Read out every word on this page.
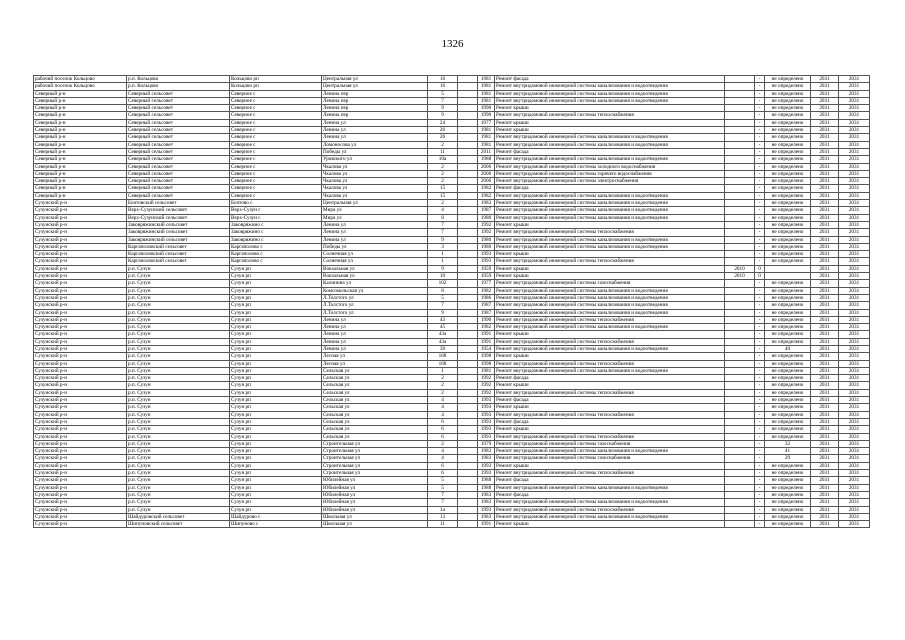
1326
рабочий поселок Кольцово	р.п. Кольцово	Кольцово рп	Центральная ул	16		1981	Ремонт фасада		-	не определено	2031	2031
рабочий поселок Кольцово	р.п. Кольцово	Кольцово рп	Центральная ул	16		1981	Ремонт внутридомовой инженерной системы канализования и водоотведения		-	не определено	2031	2031
Северный р-н	Северный сельсовет	Северное с	Ленина пер	5		1981	Ремонт внутридомовой инженерной системы канализования и водоотведения		-	не определено	2031	2031
Северный р-н	Северный сельсовет	Северное с	Ленина пер	7		1981	Ремонт внутридомовой инженерной системы канализования и водоотведения		-	не определено	2031	2031
Северный р-н	Северный сельсовет	Северное с	Ленина пер	9		1990	Ремонт крыши		-	не определено	2031	2031
Северный р-н	Северный сельсовет	Северное с	Ленина пер	9		1990	Ремонт внутридомовой инженерной системы теплоснабжения		-	не определено	2031	2031
Северный р-н	Северный сельсовет	Северное с	Ленина ул	24		1977	Ремонт крыши		-	не определено	2031	2031
Северный р-н	Северный сельсовет	Северное с	Ленина ул	26		1981	Ремонт крыши		-	не определено	2031	2031
Северный р-н	Северный сельсовет	Северное с	Ленина ул	26		1981	Ремонт внутридомовой инженерной системы канализования и водоотведения		-	не определено	2031	2031
Северный р-н	Северный сельсовет	Северное с	Ломоносова ул	2		1981	Ремонт внутридомовой инженерной системы канализования и водоотведения		-	не определено	2031	2031
Северный р-н	Северный сельсовет	Северное с	Победы ул	11		2011	Ремонт фасада		-	не определено	2031	2031
Северный р-н	Северный сельсовет	Северное с	Уровского ул	10а		1988	Ремонт внутридомовой инженерной системы канализования и водоотведения		-	не определено	2031	2031
Северный р-н	Северный сельсовет	Северное с	Чкалова ул	2		2006	Ремонт внутридомовой инженерной системы холодного водоснабжения		-	не определено	2031	2031
Северный р-н	Северный сельсовет	Северное с	Чкалова ул	2		2006	Ремонт внутридомовой инженерной системы горячего водоснабжения		-	не определено	2031	2031
Северный р-н	Северный сельсовет	Северное с	Чкалова ул	2		2006	Ремонт внутридомовой инженерной системы электроснабжения		-	не определено	2031	2031
Северный р-н	Северный сельсовет	Северное с	Чкалова ул	15		1982	Ремонт фасада		-	не определено	2031	2031
Северный р-н	Северный сельсовет	Северное с	Чкалова ул	15		1982	Ремонт внутридомовой инженерной системы канализования и водоотведения		-	не определено	2031	2031
Сузунский р-н	Бочтовский сельсовет	Бочтово с	Центральная ул	2		1983	Ремонт внутридомовой инженерной системы канализования и водоотведения		-	не определено	2031	2031
Сузунский р-н	Верх-Сузунский сельсовет	Верх-Сузун с	Мира ул	4		1987	Ремонт внутридомовой инженерной системы канализования и водоотведения		-	не определено	2031	2031
Сузунский р-н	Верх-Сузунский сельсовет	Верх-Сузун с	Мира ул	8		1980	Ремонт внутридомовой инженерной системы канализования и водоотведения		-	не определено	2031	2031
Сузунский р-н	Заковряжинский сельсовет	Заковряжино с	Ленина ул	7		1992	Ремонт крыши		-	не определено	2031	2031
Сузунский р-н	Заковряжинский сельсовет	Заковряжино с	Ленина ул	7		1992	Ремонт внутридомовой инженерной системы теплоснабжения		-	не определено	2031	2031
Сузунский р-н	Заковряжинский сельсовет	Заковряжино с	Ленина ул	9		1980	Ремонт внутридомовой инженерной системы канализования и водоотведения		-	не определено	2031	2031
Сузунский р-н	Каргаполовский сельсовет	Каргаполово с	Победы ул	3		1980	Ремонт внутридомовой инженерной системы канализования и водоотведения		-	не определено	2031	2031
Сузунский р-н	Каргаполовский сельсовет	Каргаполово с	Солнечная ул	1		1993	Ремонт крыши		-	не определено	2031	2031
Сузунский р-н	Каргаполовский сельсовет	Каргаполово с	Солнечная ул	1		1993	Ремонт внутридомовой инженерной системы теплоснабжения		-	не определено	2031	2031
Сузунский р-н	р.п. Сузун	Сузун рп	Вокзальная ул	9		1959	Ремонт крыши	2010	0		2031	2031
Сузунский р-н	р.п. Сузун	Сузун рп	Вокзальная ул	10		1959	Ремонт крыши	2010	0		2031	2031
Сузунский р-н	р.п. Сузун	Сузун рп	Калинина ул	102		1977	Ремонт внутридомовой инженерной системы газоснабжения		-	не определено	2031	2031
Сузунский р-н	р.п. Сузун	Сузун рп	Комсомольская ул	8		1982	Ремонт внутридомовой инженерной системы канализования и водоотведения		-	не определено	2031	2031
Сузунский р-н	р.п. Сузун	Сузун рп	Л.Толстого ул	5		1986	Ремонт внутридомовой инженерной системы канализования и водоотведения		-	не определено	2031	2031
Сузунский р-н	р.п. Сузун	Сузун рп	Л.Толстого ул	7		1987	Ремонт внутридомовой инженерной системы канализования и водоотведения		-	не определено	2031	2031
Сузунский р-н	р.п. Сузун	Сузун рп	Л.Толстого ул	9		1987	Ремонт внутридомовой инженерной системы канализования и водоотведения		-	не определено	2031	2031
Сузунский р-н	р.п. Сузун	Сузун рп	Ленина ул	43		1990	Ремонт внутридомовой инженерной системы теплоснабжения		-	не определено	2031	2031
Сузунский р-н	р.п. Сузун	Сузун рп	Ленина ул	45		1982	Ремонт внутридомовой инженерной системы канализования и водоотведения		-	не определено	2031	2031
Сузунский р-н	р.п. Сузун	Сузун рп	Ленина ул	43а		1991	Ремонт крыши		-	не определено	2031	2031
Сузунский р-н	р.п. Сузун	Сузун рп	Ленина ул	43а		1991	Ремонт внутридомовой инженерной системы теплоснабжения		-	не определено	2031	2031
Сузунский р-н	р.п. Сузун	Сузун рп	Ленина ул	39		1954	Ремонт внутридомовой инженерной системы канализования и водоотведения		-	40	2031	2031
Сузунский р-н	р.п. Сузун	Сузун рп	Лесная ул	168		1998	Ремонт крыши		-	не определено	2031	2031
Сузунский р-н	р.п. Сузун	Сузун рп	Лесная ул	168		1998	Ремонт внутридомовой инженерной системы теплоснабжения		-	не определено	2031	2031
Сузунский р-н	р.п. Сузун	Сузун рп	Сельская ул	1		1981	Ремонт внутридомовой инженерной системы канализования и водоотведения		-	не определено	2031	2031
Сузунский р-н	р.п. Сузун	Сузун рп	Сельская ул	2		1992	Ремонт фасада		-	не определено	2031	2031
Сузунский р-н	р.п. Сузун	Сузун рп	Сельская ул	2		1992	Ремонт крыши		-	не определено	2031	2031
Сузунский р-н	р.п. Сузун	Сузун рп	Сельская ул	2		1992	Ремонт внутридомовой инженерной системы теплоснабжения		-	не определено	2031	2031
Сузунский р-н	р.п. Сузун	Сузун рп	Сельская ул	4		1993	Ремонт фасада		-	не определено	2031	2031
Сузунский р-н	р.п. Сузун	Сузун рп	Сельская ул	4		1993	Ремонт крыши		-	не определено	2031	2031
Сузунский р-н	р.п. Сузун	Сузун рп	Сельская ул	4		1993	Ремонт внутридомовой инженерной системы теплоснабжения		-	не определено	2031	2031
Сузунский р-н	р.п. Сузун	Сузун рп	Сельская ул	6		1993	Ремонт фасада		-	не определено	2031	2031
Сузунский р-н	р.п. Сузун	Сузун рп	Сельская ул	6		1993	Ремонт крыши		-	не определено	2031	2031
Сузунский р-н	р.п. Сузун	Сузун рп	Сельская ул	6		1993	Ремонт внутридомовой инженерной системы теплоснабжения		-	не определено	2031	2031
Сузунский р-н	р.п. Сузун	Сузун рп	Строительная ул	2		1979	Ремонт внутридомовой инженерной системы газоснабжения		-	32	2031	2031
Сузунский р-н	р.п. Сузун	Сузун рп	Строительная ул	4		1983	Ремонт внутридомовой инженерной системы канализования и водоотведения		-	41	2031	2031
Сузунский р-н	р.п. Сузун	Сузун рп	Строительная ул	4		1983	Ремонт внутридомовой инженерной системы газоснабжения		-	29	2031	2031
Сузунский р-н	р.п. Сузун	Сузун рп	Строительная ул	6		1993	Ремонт крыши		-	не определено	2031	2031
Сузунский р-н	р.п. Сузун	Сузун рп	Строительная ул	6		1993	Ремонт внутридомовой инженерной системы теплоснабжения		-	не определено	2031	2031
Сузунский р-н	р.п. Сузун	Сузун рп	Юбилейная ул	5		1988	Ремонт фасада		-	не определено	2031	2031
Сузунский р-н	р.п. Сузун	Сузун рп	Юбилейная ул	5		1988	Ремонт внутридомовой инженерной системы канализования и водоотведения		-	не определено	2031	2031
Сузунский р-н	р.п. Сузун	Сузун рп	Юбилейная ул	7		1983	Ремонт фасада		-	не определено	2031	2031
Сузунский р-н	р.п. Сузун	Сузун рп	Юбилейная ул	7		1983	Ремонт внутридомовой инженерной системы канализования и водоотведения		-	не определено	2031	2031
Сузунский р-н	р.п. Сузун	Сузун рп	Юбилейная ул	1а		1993	Ремонт внутридомовой инженерной системы теплоснабжения		-	не определено	2031	2031
Сузунский р-н	Шайдуровский сельсовет	Шайдурово с	Школьная ул	13		1983	Ремонт внутридомовой инженерной системы канализования и водоотведения		-	не определено	2031	2031
Сузунский р-н	Шипуновский сельсовет	Шипуново с	Школьная ул	11		1991	Ремонт крыши		-	не определено	2031	2031
